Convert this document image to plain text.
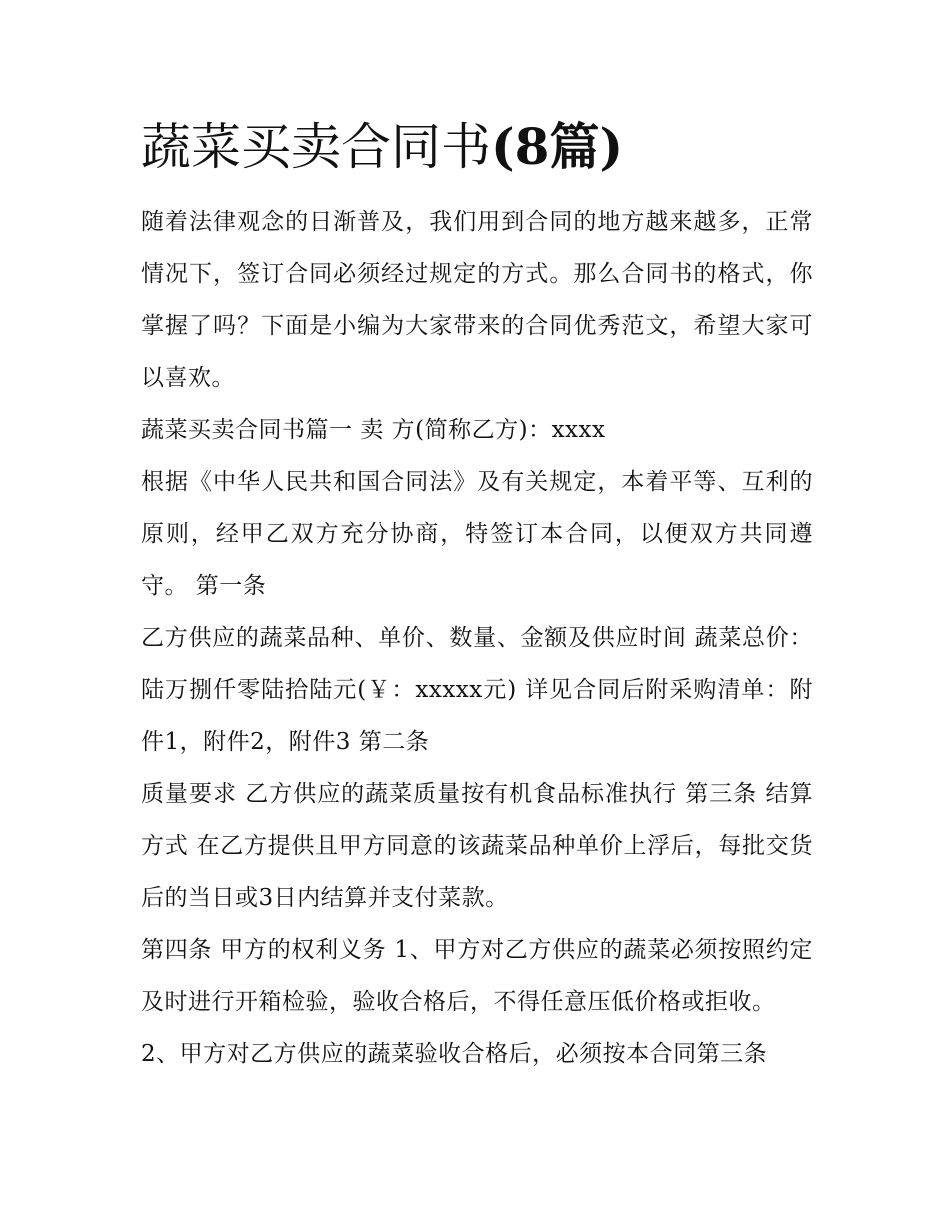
蔬菜买卖合同书(8篇)

随着法律观念的日渐普及，我们用到合同的地方越来越多，正常情况下，签订合同必须经过规定的方式。那么合同书的格式，你掌握了吗？下面是小编为大家带来的合同优秀范文，希望大家可以喜欢。

蔬菜买卖合同书篇一 卖 方(简称乙方)：xxxx

根据《中华人民共和国合同法》及有关规定，本着平等、互利的原则，经甲乙双方充分协商，特签订本合同，以便双方共同遵守。 第一条

乙方供应的蔬菜品种、单价、数量、金额及供应时间 蔬菜总价：陆万捌仟零陆拾陆元(￥：xxxxx元) 详见合同后附采购清单：附件1，附件2，附件3 第二条

质量要求 乙方供应的蔬菜质量按有机食品标准执行 第三条 结算方式 在乙方提供且甲方同意的该蔬菜品种单价上浮后，每批交货后的当日或3日内结算并支付菜款。

第四条 甲方的权利义务 1、甲方对乙方供应的蔬菜必须按照约定及时进行开箱检验，验收合格后，不得任意压低价格或拒收。

2、甲方对乙方供应的蔬菜验收合格后，必须按本合同第三条
